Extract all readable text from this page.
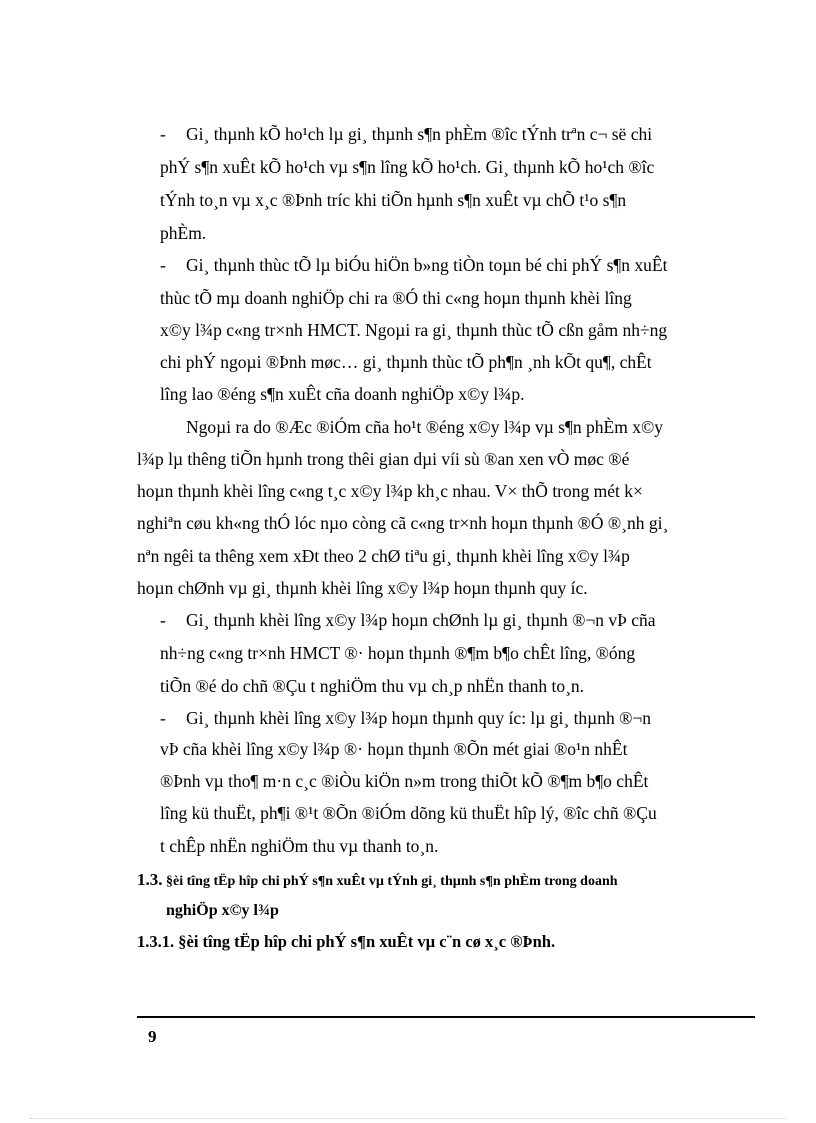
- Gi¸ thµnh kÕ ho¹ch lµ gi¸ thµnh s¶n phÈm ®îc tÝnh trªn c¬ së chi
phÝ s¶n xuÊt kÕ ho¹ch vµ s¶n lîng kÕ ho¹ch. Gi¸ thµnh kÕ ho¹ch ®îc
tÝnh to¸n vµ x¸c ®Þnh tríc khi tiÕn hµnh s¶n xuÊt vµ chÕ t¹o s¶n
phÈm.
- Gi¸ thµnh thùc tÕ lµ biÓu hiÖn b»ng tiÒn toµn bé chi phÝ s¶n xuÊt
thùc tÕ mµ doanh nghiÖp chi ra ®Ó thi c«ng hoµn thµnh khèi lîng
x©y l¾p c«ng tr×nh HMCT. Ngoµi ra gi¸ thµnh thùc tÕ cßn gåm nh÷ng
chi phÝ ngoµi ®Þnh møc… gi¸ thµnh thùc tÕ ph¶n ¸nh kÕt qu¶, chÊt
lîng lao ®éng s¶n xuÊt cña doanh nghiÖp x©y l¾p.
Ngoµi ra do ®Æc ®iÓm cña ho¹t ®éng x©y l¾p vµ s¶n phÈm x©y
l¾p lµ thêng tiÕn hµnh trong thêi gian dµi víi sù ®an xen vÒ møc ®é
hoµn thµnh khèi lîng c«ng t¸c x©y l¾p kh¸c nhau. V× thÕ trong mét k×
nghiªn cøu kh«ng thÓ lóc nµo còng cã c«ng tr×nh hoµn thµnh ®Ó ®¸nh gi¸
nªn ngêi ta thêng xem xÐt theo 2 chØ tiªu gi¸ thµnh khèi lîng x©y l¾p
hoµn chØnh vµ gi¸ thµnh khèi lîng x©y l¾p hoµn thµnh quy íc.
- Gi¸ thµnh khèi lîng x©y l¾p hoµn chØnh lµ gi¸ thµnh ®¬n vÞ cña
nh÷ng c«ng tr×nh HMCT ®· hoµn thµnh ®¶m b¶o chÊt lîng, ®óng
tiÕn ®é do chñ ®Çu t nghiÖm thu vµ ch¸p nhËn thanh to¸n.
- Gi¸ thµnh khèi lîng x©y l¾p hoµn thµnh quy íc: lµ gi¸ thµnh ®¬n
vÞ cña khèi lîng x©y l¾p ®· hoµn thµnh ®Õn mét giai ®o¹n nhÊt
®Þnh vµ tho¶ m·n c¸c ®iÒu kiÖn n»m trong thiÕt kÕ ®¶m b¶o chÊt
lîng kü thuËt, ph¶i ®¹t ®Õn ®iÓm dõng kü thuËt hîp lý, ®îc chñ ®Çu
t chÊp nhËn nghiÖm thu vµ thanh to¸n.
1.3. §èi tîng tËp hîp chi phÝ s¶n xuÊt vµ tÝnh gi¸ thµnh s¶n phÈm trong doanh
nghiÖp x©y l¾p
1.3.1. §èi tîng tËp hîp chi phÝ s¶n xuÊt vµ c¨n cø x¸c ®Þnh.
9
